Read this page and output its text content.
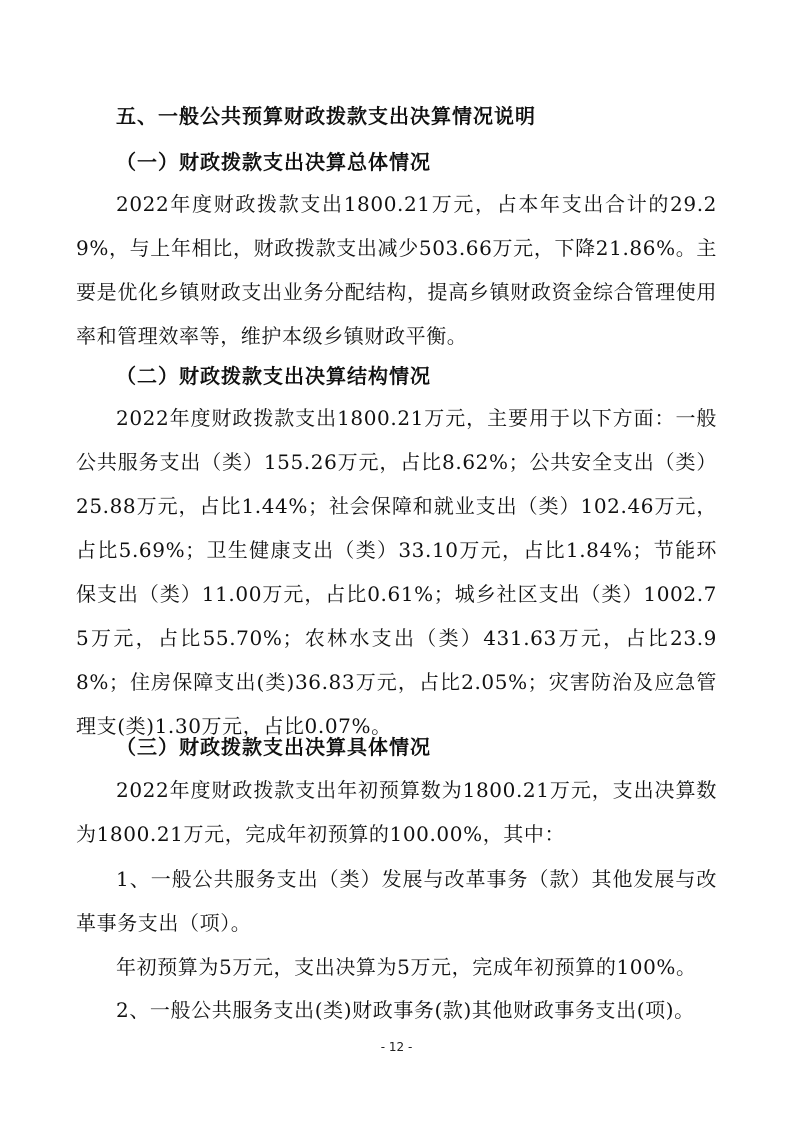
五、一般公共预算财政拨款支出决算情况说明
（一）财政拨款支出决算总体情况

2022年度财政拨款支出1800.21万元，占本年支出合计的29.29%，与上年相比，财政拨款支出减少503.66万元，下降21.86%。主要是优化乡镇财政支出业务分配结构，提高乡镇财政资金综合管理使用率和管理效率等，维护本级乡镇财政平衡。

（二）财政拨款支出决算结构情况

2022年度财政拨款支出1800.21万元，主要用于以下方面：一般公共服务支出（类）155.26万元，占比8.62%；公共安全支出（类）25.88万元，占比1.44%；社会保障和就业支出（类）102.46万元，占比5.69%；卫生健康支出（类）33.10万元，占比1.84%；节能环保支出（类）11.00万元，占比0.61%；城乡社区支出（类）1002.75万元，占比55.70%；农林水支出（类）431.63万元，占比23.98%；住房保障支出(类)36.83万元，占比2.05%；灾害防治及应急管理支(类)1.30万元，占比0.07%。

（三）财政拨款支出决算具体情况

2022年度财政拨款支出年初预算数为1800.21万元，支出决算数为1800.21万元，完成年初预算的100.00%，其中：

1、一般公共服务支出（类）发展与改革事务（款）其他发展与改革事务支出（项）。

年初预算为5万元，支出决算为5万元，完成年初预算的100%。

2、一般公共服务支出(类)财政事务(款)其他财政事务支出(项)。

- 12 -
